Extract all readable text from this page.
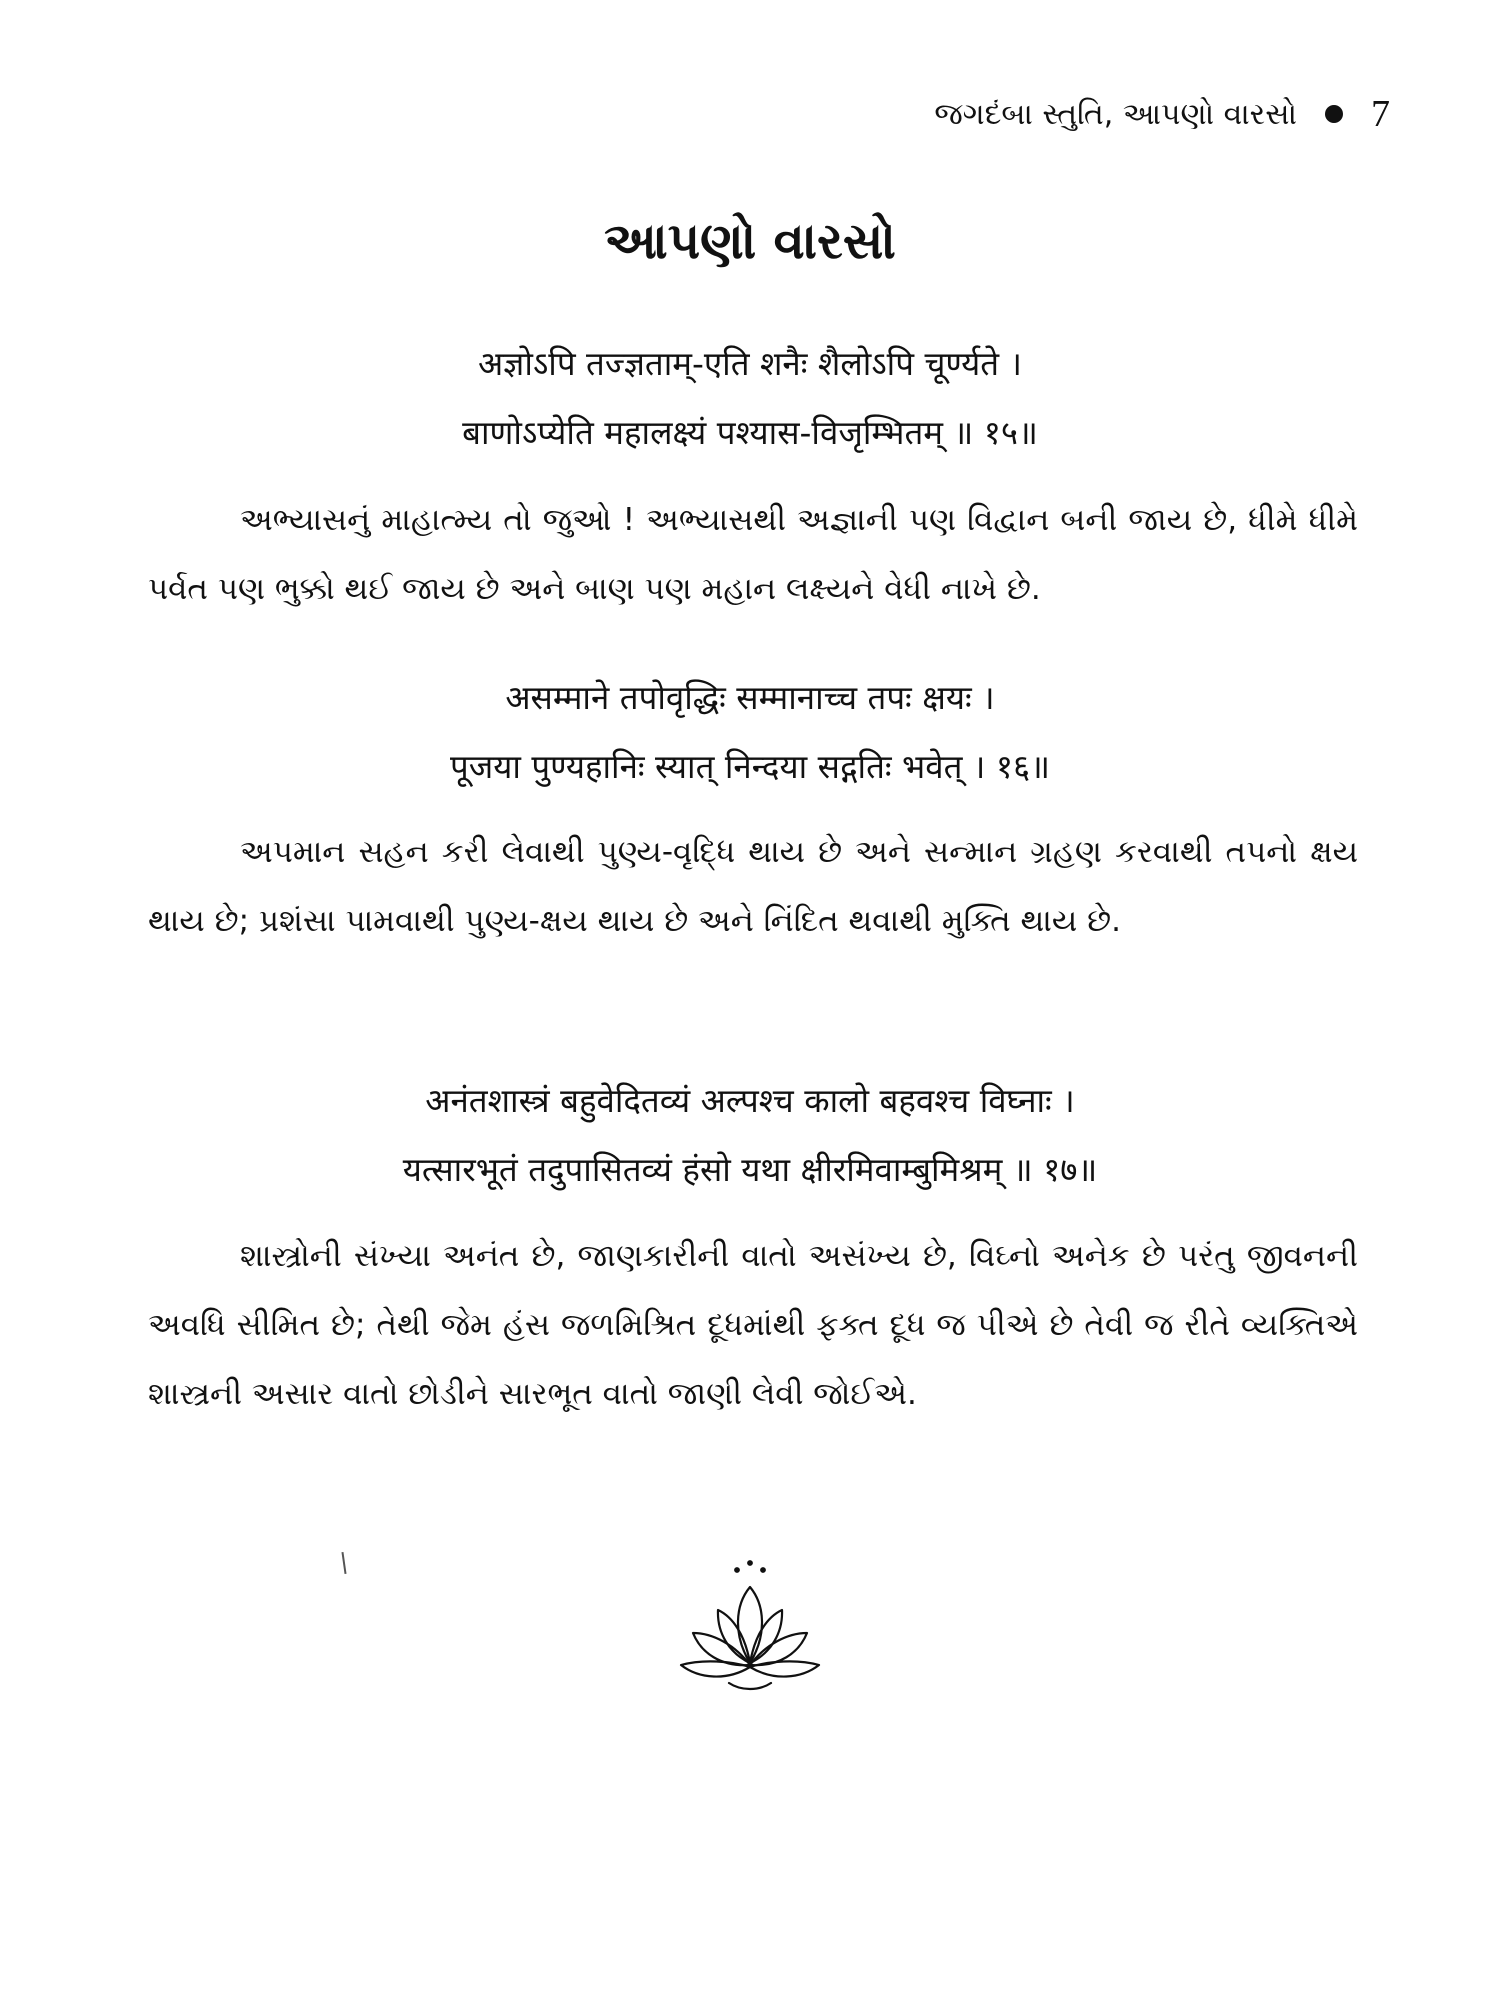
જગદંબા સ્તુતિ, આપણો વારસો 7
આપણો વારસો
अज्ञोऽपि तज्ज्ञताम्-एति शनैः शैलोऽपि चूर्ण्यते ।
बाणोऽप्येति महालक्ष्यं पश्यास-विजृम्भितम् ॥ १५॥

અભ્યાસનું માહાત્મ્ય તો જુઓ ! અભ્યાસથી અજ્ઞાની પણ વિદ્વાન બની જાય છે, ધીમે ધીમે પર્વત પણ ભુક્કો થઈ જાય છે અને બાણ પણ મહાન લક્ષ્યને વેધી નાખે છે.

असम्माने तपोवृद्धिः सम्मानाच्च तपः क्षयः ।
पूजया पुण्यहानिः स्यात् निन्दया सद्गतिः भवेत् । १६॥

અપમાન સહન કરી લેવાથી પુણ્ય-વૃદ્ધિ થાય છે અને સન્માન ગ્રહણ કરવાથી તપનો ક્ષય થાય છે; પ્રશંસા પામવાથી પુણ્ય-ક્ષય થાય છે અને નિંદિત થવાથી મુક્તિ થાય છે.

अनंतशास्त्रं बहुवेदितव्यं अल्पश्च कालो बहवश्च विघ्नाः ।
यत्सारभूतं तदुपासितव्यं हंसो यथा क्षीरमिवाम्बुमिश्रम् ॥ १७॥

શાસ્ત્રોની સંખ્યા અનંત છે, જાણકારીની વાતો અસંખ્ય છે, વિઘ્નો અનેક છે પરંતુ જીવનની અવધિ સીમિત છે; તેથી જેમ હંસ જળમિશ્રિત દૂધમાંથી ફક્ત દૂધ જ પીએ છે તેવી જ રીતે વ્યક્તિએ શાસ્ત્રની અસાર વાતો છોડીને સારભૂત વાતો જાણી લેવી જોઈએ.
